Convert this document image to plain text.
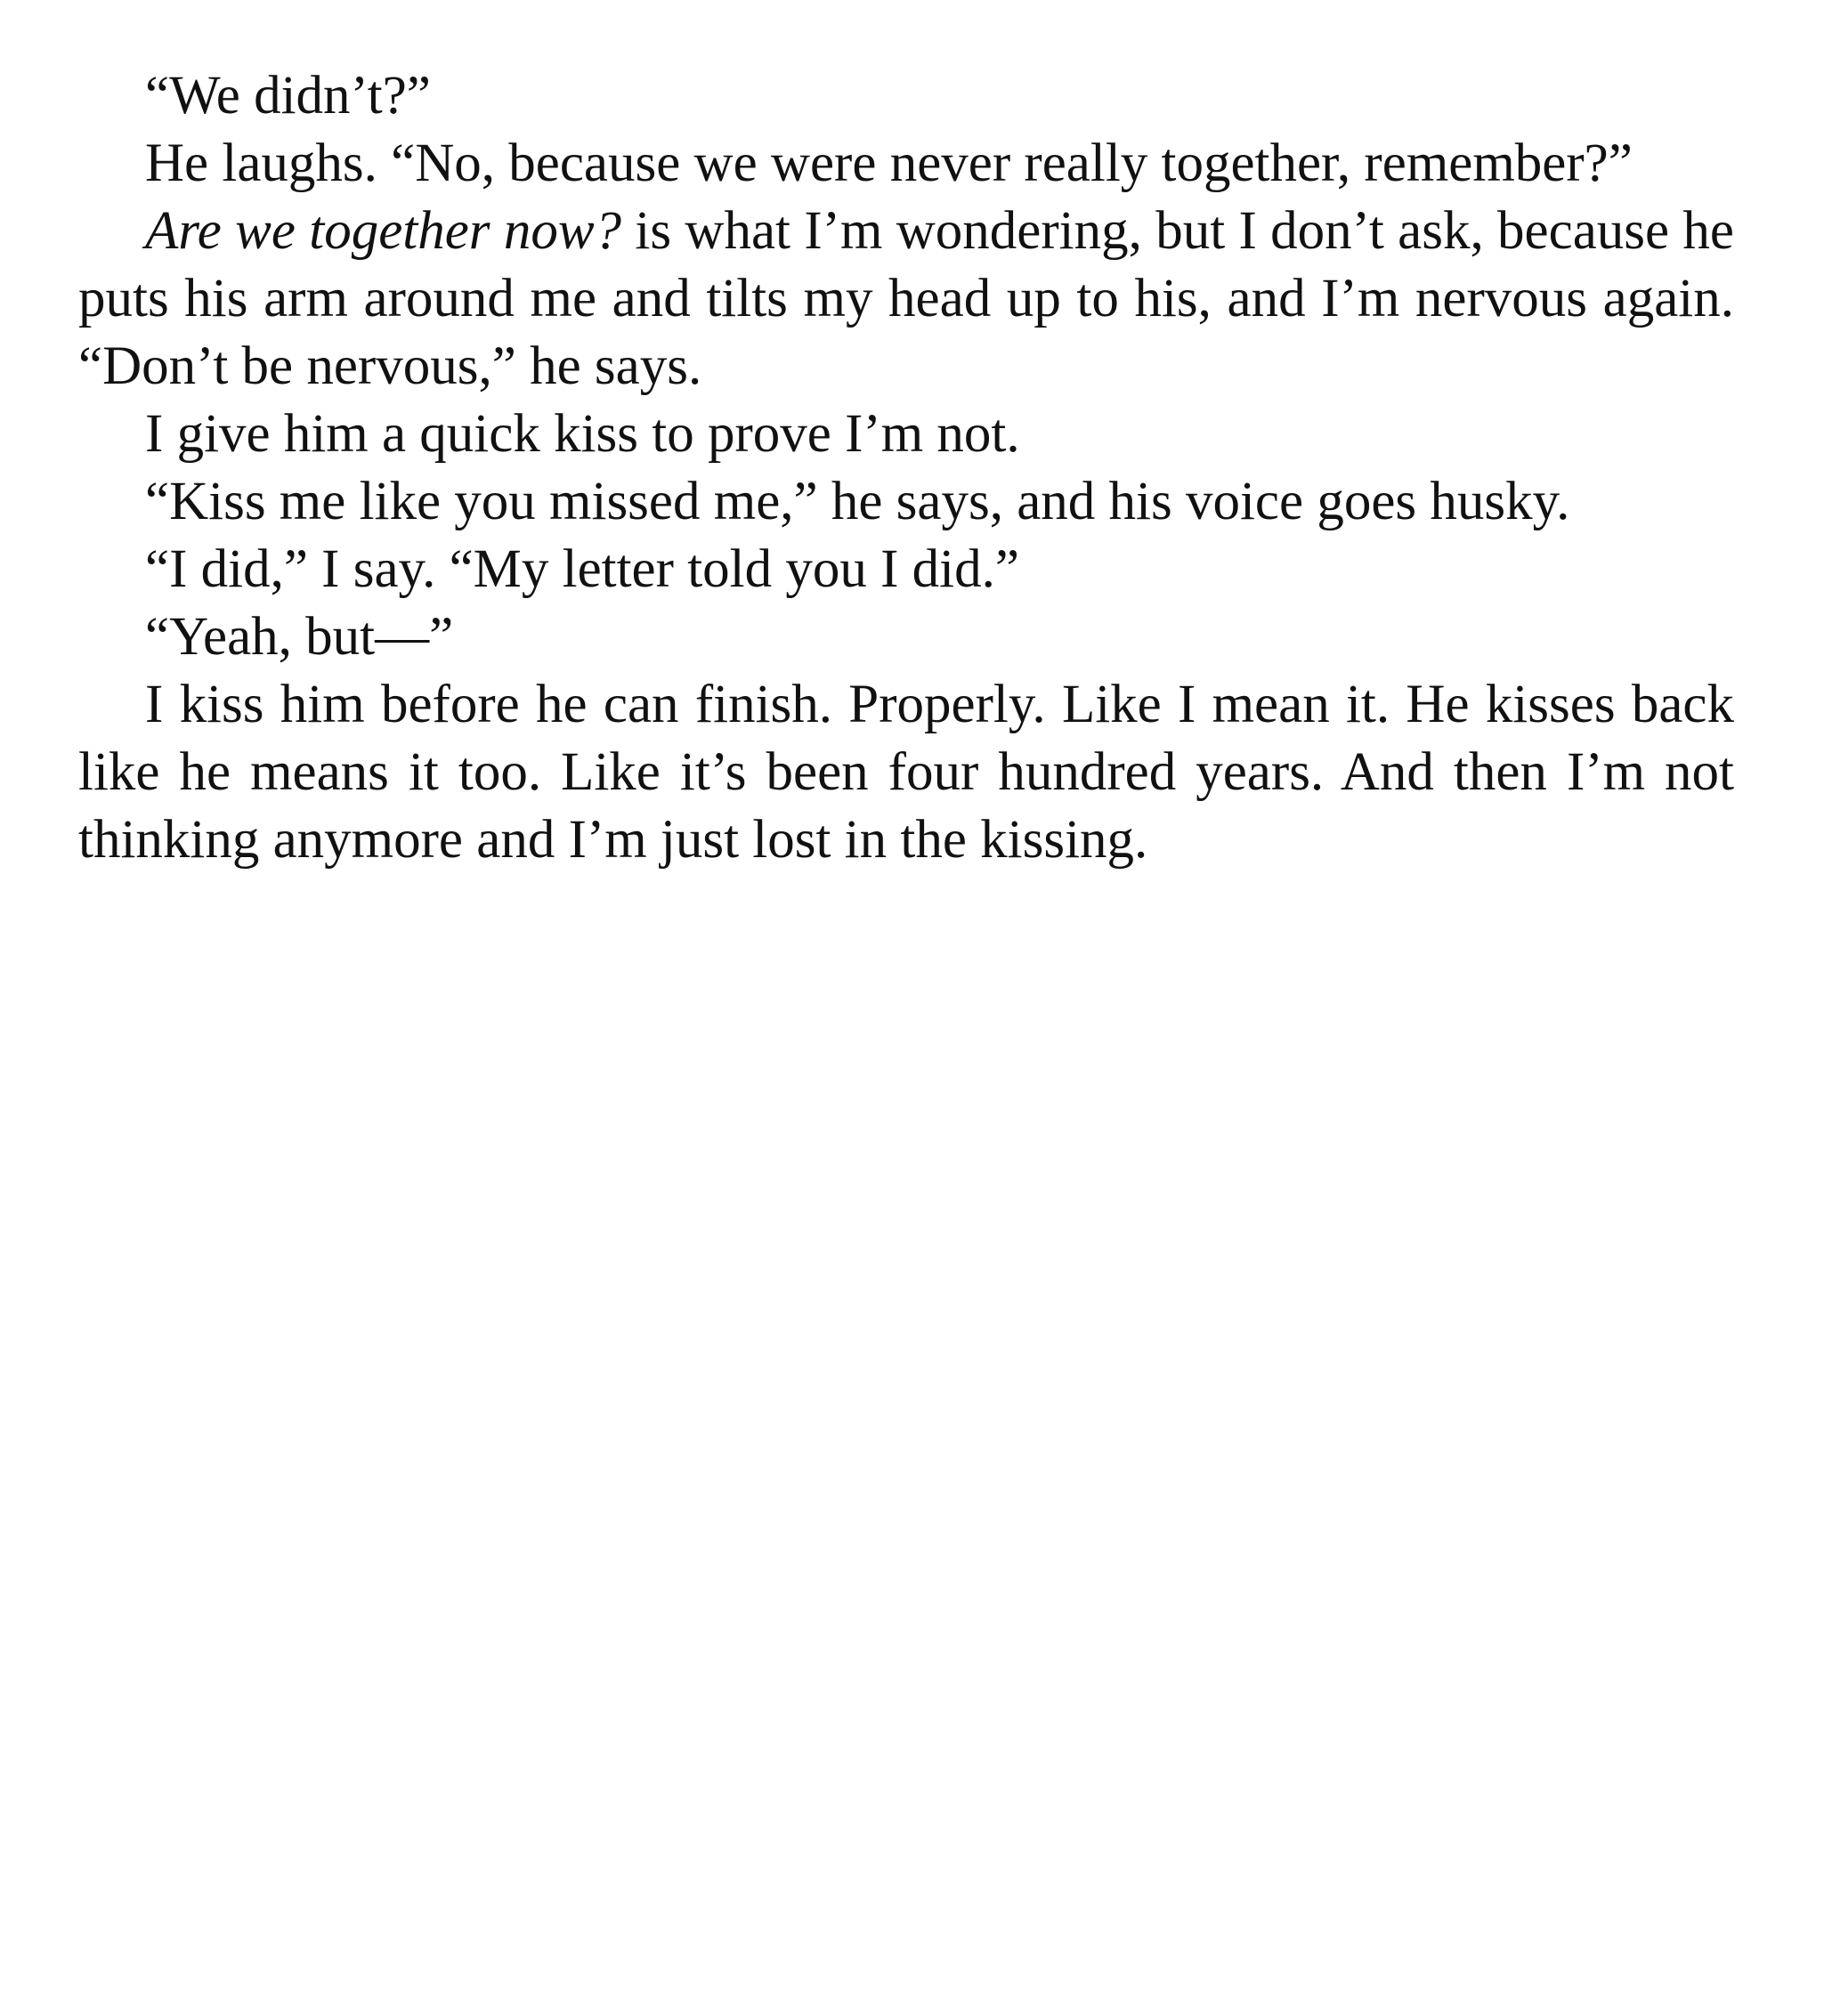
“We didn’t?”

He laughs. “No, because we were never really together, remember?”

Are we together now? is what I’m wondering, but I don’t ask, because he puts his arm around me and tilts my head up to his, and I’m nervous again. “Don’t be nervous,” he says.

I give him a quick kiss to prove I’m not.

“Kiss me like you missed me,” he says, and his voice goes husky.

“I did,” I say. “My letter told you I did.”

“Yeah, but—”

I kiss him before he can finish. Properly. Like I mean it. He kisses back like he means it too. Like it’s been four hundred years. And then I’m not thinking anymore and I’m just lost in the kissing.
